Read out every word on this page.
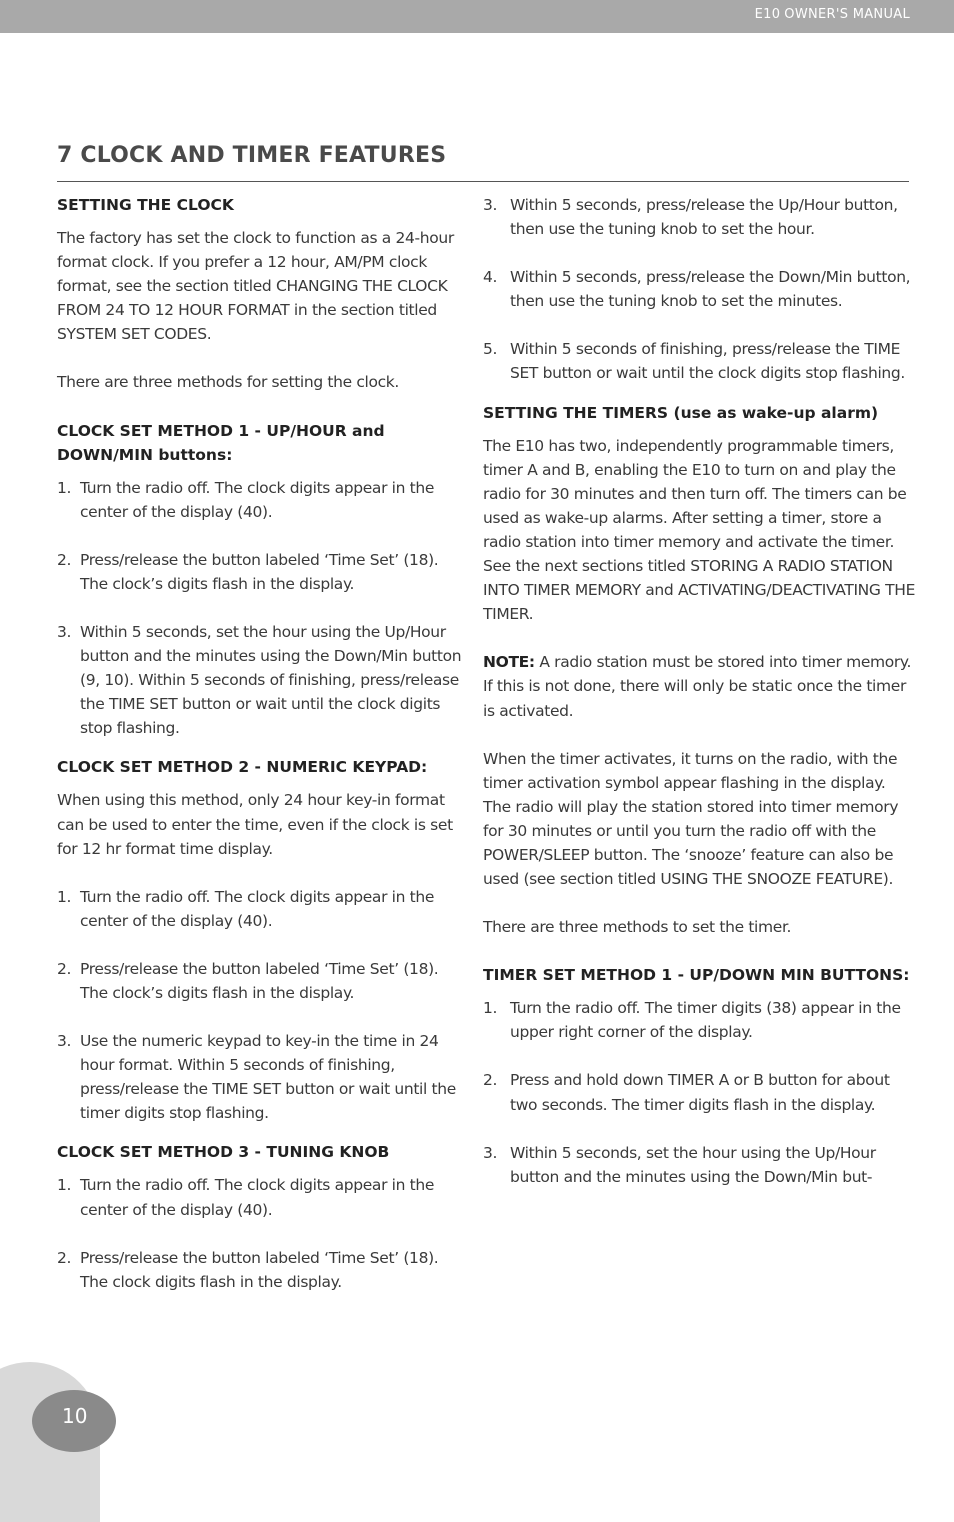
E10 OWNER'S MANUAL
7 CLOCK AND TIMER FEATURES
SETTING THE CLOCK

The factory has set the clock to function as a 24-hour format clock. If you prefer a 12 hour, AM/PM clock format, see the section titled CHANGING THE CLOCK FROM 24 TO 12 HOUR FORMAT in the section titled SYSTEM SET CODES.

There are three methods for setting the clock.

CLOCK SET METHOD 1 - UP/HOUR and DOWN/MIN buttons:
1. Turn the radio off. The clock digits appear in the center of the display (40).
2. Press/release the button labeled ‘Time Set’ (18). The clock’s digits flash in the display.
3. Within 5 seconds, set the hour using the Up/Hour button and the minutes using the Down/Min button (9, 10). Within 5 seconds of finishing, press/release the TIME SET button or wait until the clock digits stop flashing.
CLOCK SET METHOD 2 - NUMERIC KEYPAD:

When using this method, only 24 hour key-in format can be used to enter the time, even if the clock is set for 12 hr format time display.

1. Turn the radio off. The clock digits appear in the center of the display (40).
2. Press/release the button labeled ‘Time Set’ (18). The clock’s digits flash in the display.
3. Use the numeric keypad to key-in the time in 24 hour format. Within 5 seconds of finishing, press/release the TIME SET button or wait until the timer digits stop flashing.
CLOCK SET METHOD 3 - TUNING KNOB
1. Turn the radio off. The clock digits appear in the center of the display (40).
2. Press/release the button labeled ‘Time Set’ (18). The clock digits flash in the display.
3. Within 5 seconds, press/release the Up/Hour button, then use the tuning knob to set the hour.
4. Within 5 seconds, press/release the Down/Min button, then use the tuning knob to set the minutes.
5. Within 5 seconds of finishing, press/release the TIME SET button or wait until the clock digits stop flashing.
SETTING THE TIMERS (use as wake-up alarm)

The E10 has two, independently programmable timers, timer A and B, enabling the E10 to turn on and play the radio for 30 minutes and then turn off. The timers can be used as wake-up alarms. After setting a timer, store a radio station into timer memory and activate the timer. See the next sections titled STORING A RADIO STATION INTO TIMER MEMORY and ACTIVATING/DEACTIVATING THE TIMER.

NOTE: A radio station must be stored into timer memory. If this is not done, there will only be static once the timer is activated.

When the timer activates, it turns on the radio, with the timer activation symbol appear flashing in the display. The radio will play the station stored into timer memory for 30 minutes or until you turn the radio off with the POWER/SLEEP button. The ‘snooze’ feature can also be used (see section titled USING THE SNOOZE FEATURE).

There are three methods to set the timer.

TIMER SET METHOD 1 - UP/DOWN MIN BUTTONS:
1. Turn the radio off. The timer digits (38) appear in the upper right corner of the display.
2. Press and hold down TIMER A or B button for about two seconds. The timer digits flash in the display.
3. Within 5 seconds, set the hour using the Up/Hour button and the minutes using the Down/Min but-
10
